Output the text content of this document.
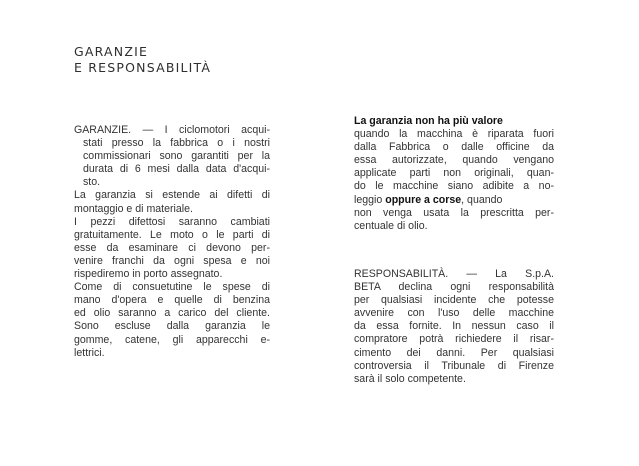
GARANZIE
E RESPONSABILITÀ
GARANZIE. — I ciclomotori acqui-
stati presso la fabbrica o i nostri
commissionari sono garantiti per la
durata di 6 mesi dalla data d'acqui-
sto.
La garanzia si estende ai difetti di
montaggio e di materiale.
I pezzi difettosi saranno cambiati
gratuitamente. Le moto o le parti di
esse da esaminare ci devono per-
venire franchi da ogni spesa e noi
rispediremo in porto assegnato.
Come di consuetutine le spese di
mano d'opera e quelle di benzina
ed olio saranno a carico del cliente.
Sono escluse dalla garanzia le
gomme, catene, gli apparecchi e-
lettrici.
La garanzia non ha più valore
quando la macchina è riparata fuori
dalla Fabbrica o dalle officine da
essa autorizzate, quando vengano
applicate parti non originali, quan-
do le macchine siano adibite a no-
leggio oppure a corse, quando
non venga usata la prescritta per-
centuale di olio.
RESPONSABILITÀ. — La S.p.A.
BETA declina ogni responsabilità
per qualsiasi incidente che potesse
avvenire con l'uso delle macchine
da essa fornite. In nessun caso il
compratore potrà richiedere il risar-
cimento dei danni. Per qualsiasi
controversia il Tribunale di Firenze
sarà il solo competente.
